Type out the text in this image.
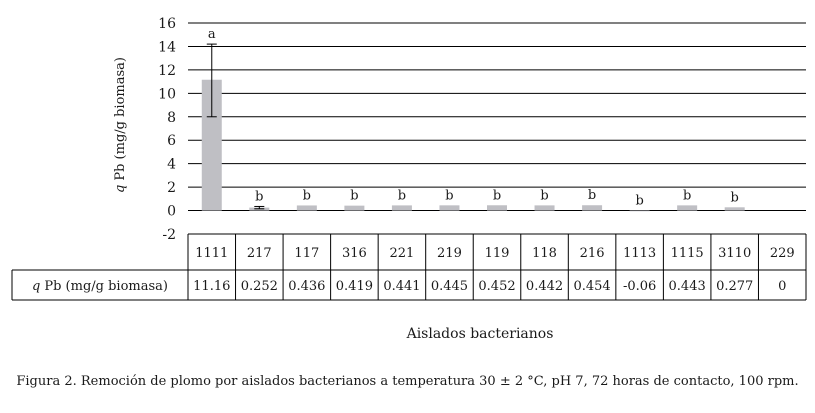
a
b	b	b	b	b	b	b	b	b	b	b
-2
0
2
4
6
8
10
12
14
16
1111 217 117 316 221 219 119 118 216 1113 1115 3110 229
11.16 0.252 0.436 0.419 0.441 0.445 0.452 0.442 0.454 -0.06 0.443 0.277 0
q Pb (mg/g biomasa)
qPb (mg/g biomasa)
Aislados bacterianos
Figura 2. Remoción de plomo por aislados bacterianos a temperatura 30 ± 2 °C, pH 7, 72 horas de contacto, 100 rpm.
